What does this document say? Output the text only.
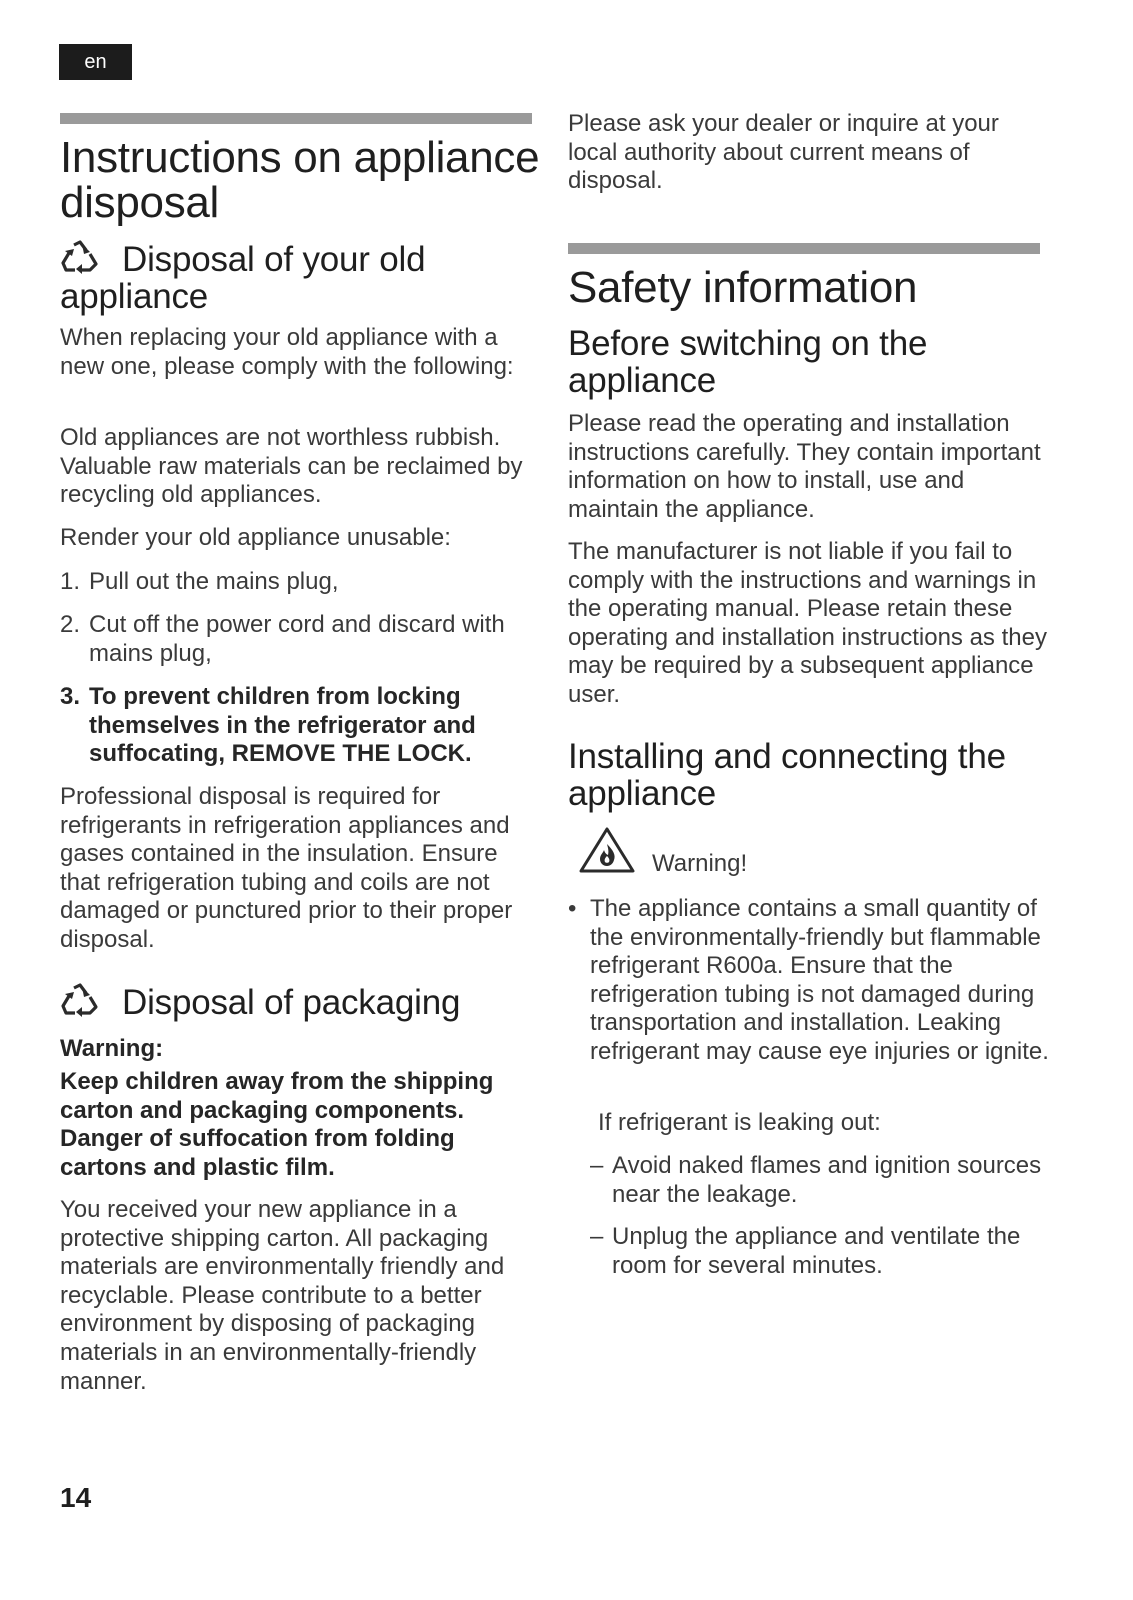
en
Instructions on appliance disposal
Disposal of your old appliance

When replacing your old appliance with a new one, please comply with the following:

Old appliances are not worthless rubbish. Valuable raw materials can be reclaimed by recycling old appliances.

Render your old appliance unusable:

1. Pull out the mains plug,

2. Cut off the power cord and discard with mains plug,

3. To prevent children from locking themselves in the refrigerator and suffocating, REMOVE THE LOCK.

Professional disposal is required for refrigerants in refrigeration appliances and gases contained in the insulation. Ensure that refrigeration tubing and coils are not damaged or punctured prior to their proper disposal.

Disposal of packaging

Warning:

Keep children away from the shipping carton and packaging components. Danger of suffocation from folding cartons and plastic film.

You received your new appliance in a protective shipping carton. All packaging materials are environmentally friendly and recyclable. Please contribute to a better environment by disposing of packaging materials in an environmentally-friendly manner.

Please ask your dealer or inquire at your local authority about current means of disposal.

Safety information
Before switching on the appliance

Please read the operating and installation instructions carefully. They contain important information on how to install, use and maintain the appliance.

The manufacturer is not liable if you fail to comply with the instructions and warnings in the operating manual. Please retain these operating and installation instructions as they may be required by a subsequent appliance user.

Installing and connecting the appliance

Warning!

• The appliance contains a small quantity of the environmentally-friendly but flammable refrigerant R600a. Ensure that the refrigeration tubing is not damaged during transportation and installation. Leaking refrigerant may cause eye injuries or ignite.

If refrigerant is leaking out:

– Avoid naked flames and ignition sources near the leakage.

– Unplug the appliance and ventilate the room for several minutes.

14
